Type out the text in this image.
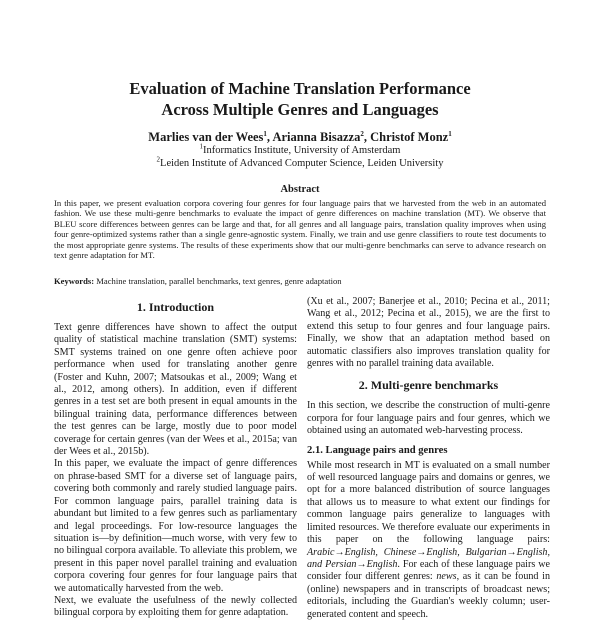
Evaluation of Machine Translation Performance
Across Multiple Genres and Languages
Marlies van der Wees$^1$, Arianna Bisazza$^2$, Christof Monz$^1$
$^1$Informatics Institute, University of Amsterdam
$^2$Leiden Institute of Advanced Computer Science, Leiden University
Abstract
In this paper, we present evaluation corpora covering four genres for four language pairs that we harvested from the web in an automated fashion. We use these multi-genre benchmarks to evaluate the impact of genre differences on machine translation (MT). We observe that BLEU score differences between genres can be large and that, for all genres and all language pairs, translation quality improves when using four genre-optimized systems rather than a single genre-agnostic system. Finally, we train and use genre classifiers to route test documents to the most appropriate genre systems. The results of these experiments show that our multi-genre benchmarks can serve to advance research on text genre adaptation for MT.
Keywords: Machine translation, parallel benchmarks, text genres, genre adaptation
1. Introduction
Text genre differences have shown to affect the output quality of statistical machine translation (SMT) systems: SMT systems trained on one genre often achieve poor performance when used for translating another genre (Foster and Kuhn, 2007; Matsoukas et al., 2009; Wang et al., 2012, among others). In addition, even if different genres in a test set are both present in equal amounts in the bilingual training data, performance differences between the test genres can be large, mostly due to poor model coverage for certain genres (van der Wees et al., 2015a; van der Wees et al., 2015b).
In this paper, we evaluate the impact of genre differences on phrase-based SMT for a diverse set of language pairs, covering both commonly and rarely studied language pairs. For common language pairs, parallel training data is abundant but limited to a few genres such as parliamentary and legal proceedings. For low-resource languages the situation is—by definition—much worse, with very few to no bilingual corpora available. To alleviate this problem, we present in this paper novel parallel training and evaluation corpora covering four genres for four language pairs that we automatically harvested from the web.
Next, we evaluate the usefulness of the newly collected bilingual corpora by exploiting them for genre adaptation.
(Xu et al., 2007; Banerjee et al., 2010; Pecina et al., 2011; Wang et al., 2012; Pecina et al., 2015), we are the first to extend this setup to four genres and four language pairs. Finally, we show that an adaptation method based on automatic classifiers also improves translation quality for genres with no parallel training data available.
2. Multi-genre benchmarks
In this section, we describe the construction of multi-genre corpora for four language pairs and four genres, which we obtained using an automated web-harvesting process.
2.1. Language pairs and genres
While most research in MT is evaluated on a small number of well resourced language pairs and domains or genres, we opt for a more balanced distribution of source languages that allows us to measure to what extent our findings for common language pairs generalize to languages with limited resources. We therefore evaluate our experiments in this paper on the following language pairs: Arabic→English, Chinese→English, Bulgarian→English, and Persian→English. For each of these language pairs we consider four different genres: news, as it can be found in (online) newspapers and in transcripts of broadcast news; editorials, including the Guardian's weekly column; user-generated content and speech.
